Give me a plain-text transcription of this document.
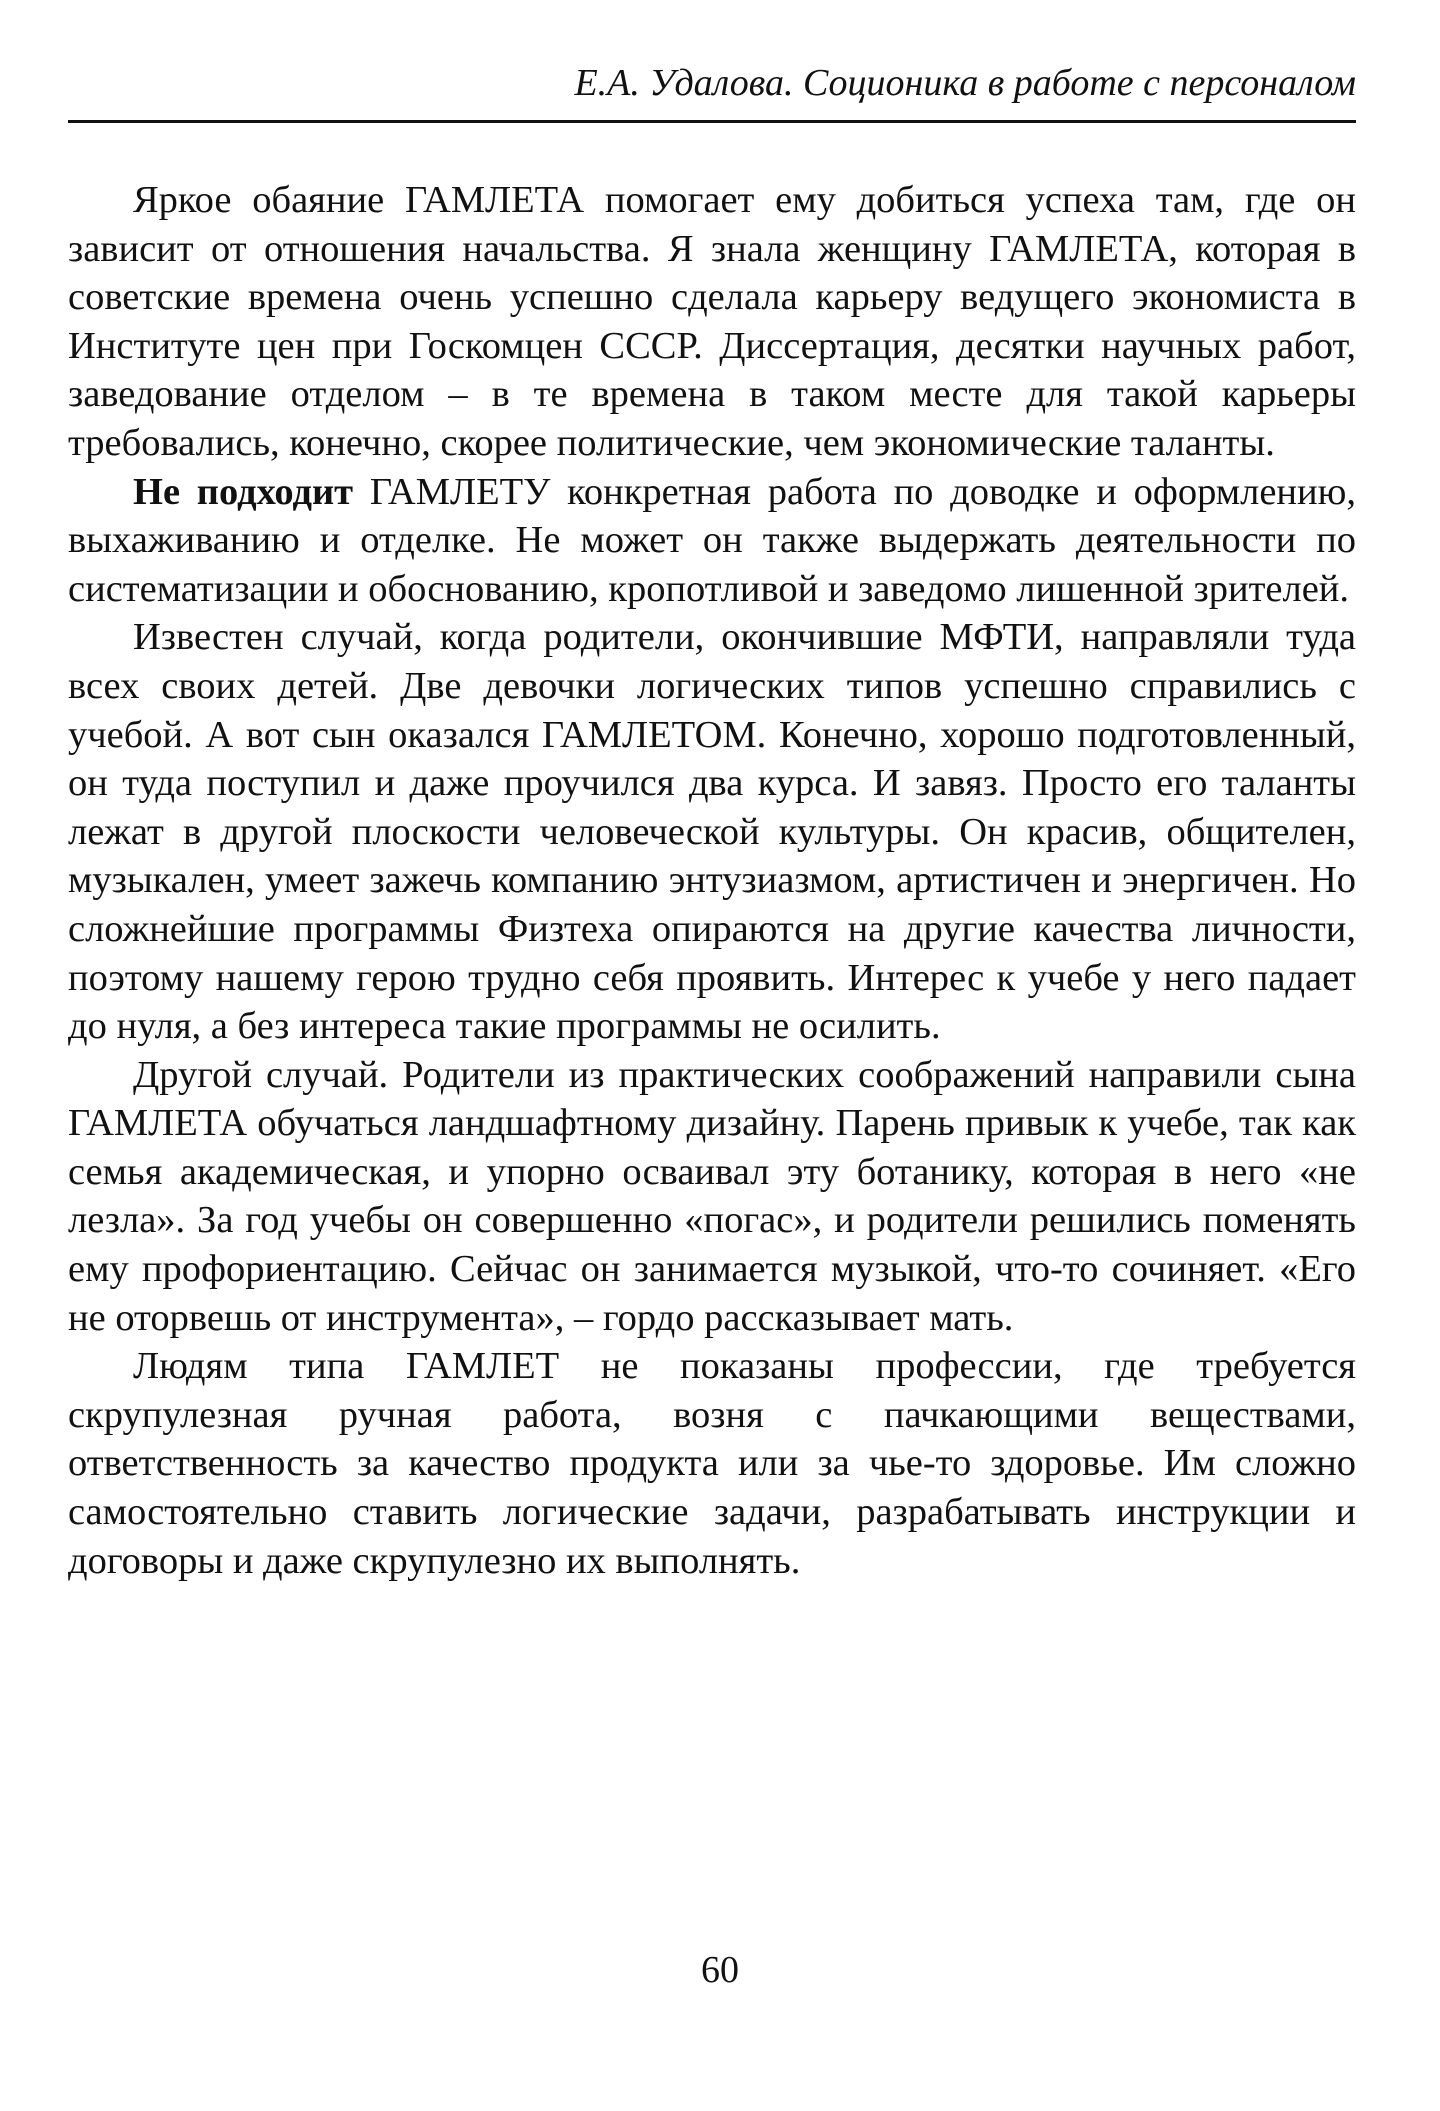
Е.А. Удалова. Соционика в работе с персоналом

Яркое обаяние ГАМЛЕТА помогает ему добиться успеха там, где он зависит от отношения начальства. Я знала женщину ГАМЛЕТА, которая в советские времена очень успешно сделала карьеру ведущего экономиста в Институте цен при Госкомцен СССР. Диссертация, десятки научных работ, заведование отделом – в те времена в таком месте для такой карьеры требовались, конечно, скорее политические, чем экономические таланты.

Не подходит ГАМЛЕТУ конкретная работа по доводке и оформлению, выхаживанию и отделке. Не может он также выдержать деятельности по систематизации и обоснованию, кропотливой и заведомо лишенной зрителей.

Известен случай, когда родители, окончившие МФТИ, направляли туда всех своих детей. Две девочки логических типов успешно справились с учебой. А вот сын оказался ГАМЛЕТОМ. Конечно, хорошо подготовленный, он туда поступил и даже проучился два курса. И завяз. Просто его таланты лежат в другой плоскости человеческой культуры. Он красив, общителен, музыкален, умеет зажечь компанию энтузиазмом, артистичен и энергичен. Но сложнейшие программы Физтеха опираются на другие качества личности, поэтому нашему герою трудно себя проявить. Интерес к учебе у него падает до нуля, а без интереса такие программы не осилить.

Другой случай. Родители из практических соображений направили сына ГАМЛЕТА обучаться ландшафтному дизайну. Парень привык к учебе, так как семья академическая, и упорно осваивал эту ботанику, которая в него «не лезла». За год учебы он совершенно «погас», и родители решились поменять ему профориентацию. Сейчас он занимается музыкой, что-то сочиняет. «Его не оторвешь от инструмента», – гордо рассказывает мать.

Людям типа ГАМЛЕТ не показаны профессии, где требуется скрупулезная ручная работа, возня с пачкающими веществами, ответственность за качество продукта или за чье-то здоровье. Им сложно самостоятельно ставить логические задачи, разрабатывать инструкции и договоры и даже скрупулезно их выполнять.

60
